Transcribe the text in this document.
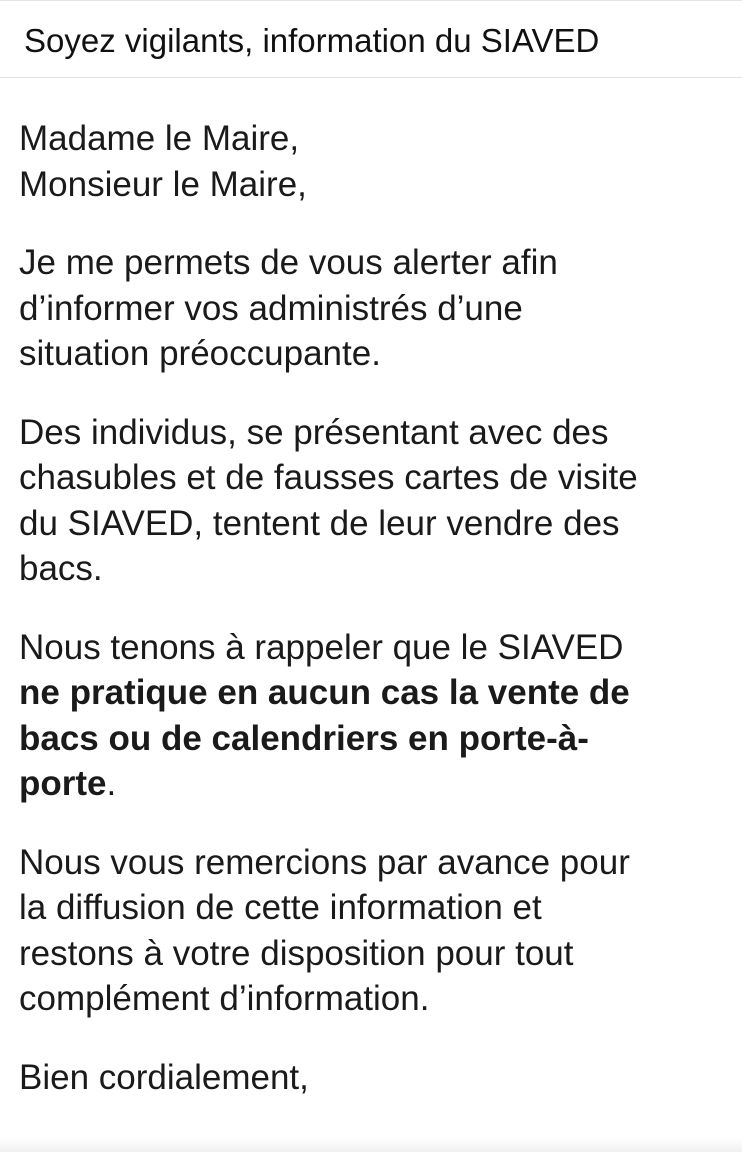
Soyez vigilants, information du SIAVED
Madame le Maire,
Monsieur le Maire,
Je me permets de vous alerter afin
d’informer vos administrés d’une
situation préoccupante.
Des individus, se présentant avec des
chasubles et de fausses cartes de visite
du SIAVED, tentent de leur vendre des
bacs.
Nous tenons à rappeler que le SIAVED
ne pratique en aucun cas la vente de
bacs ou de calendriers en porte-à-
porte.
Nous vous remercions par avance pour
la diffusion de cette information et
restons à votre disposition pour tout
complément d’information.
Bien cordialement,
